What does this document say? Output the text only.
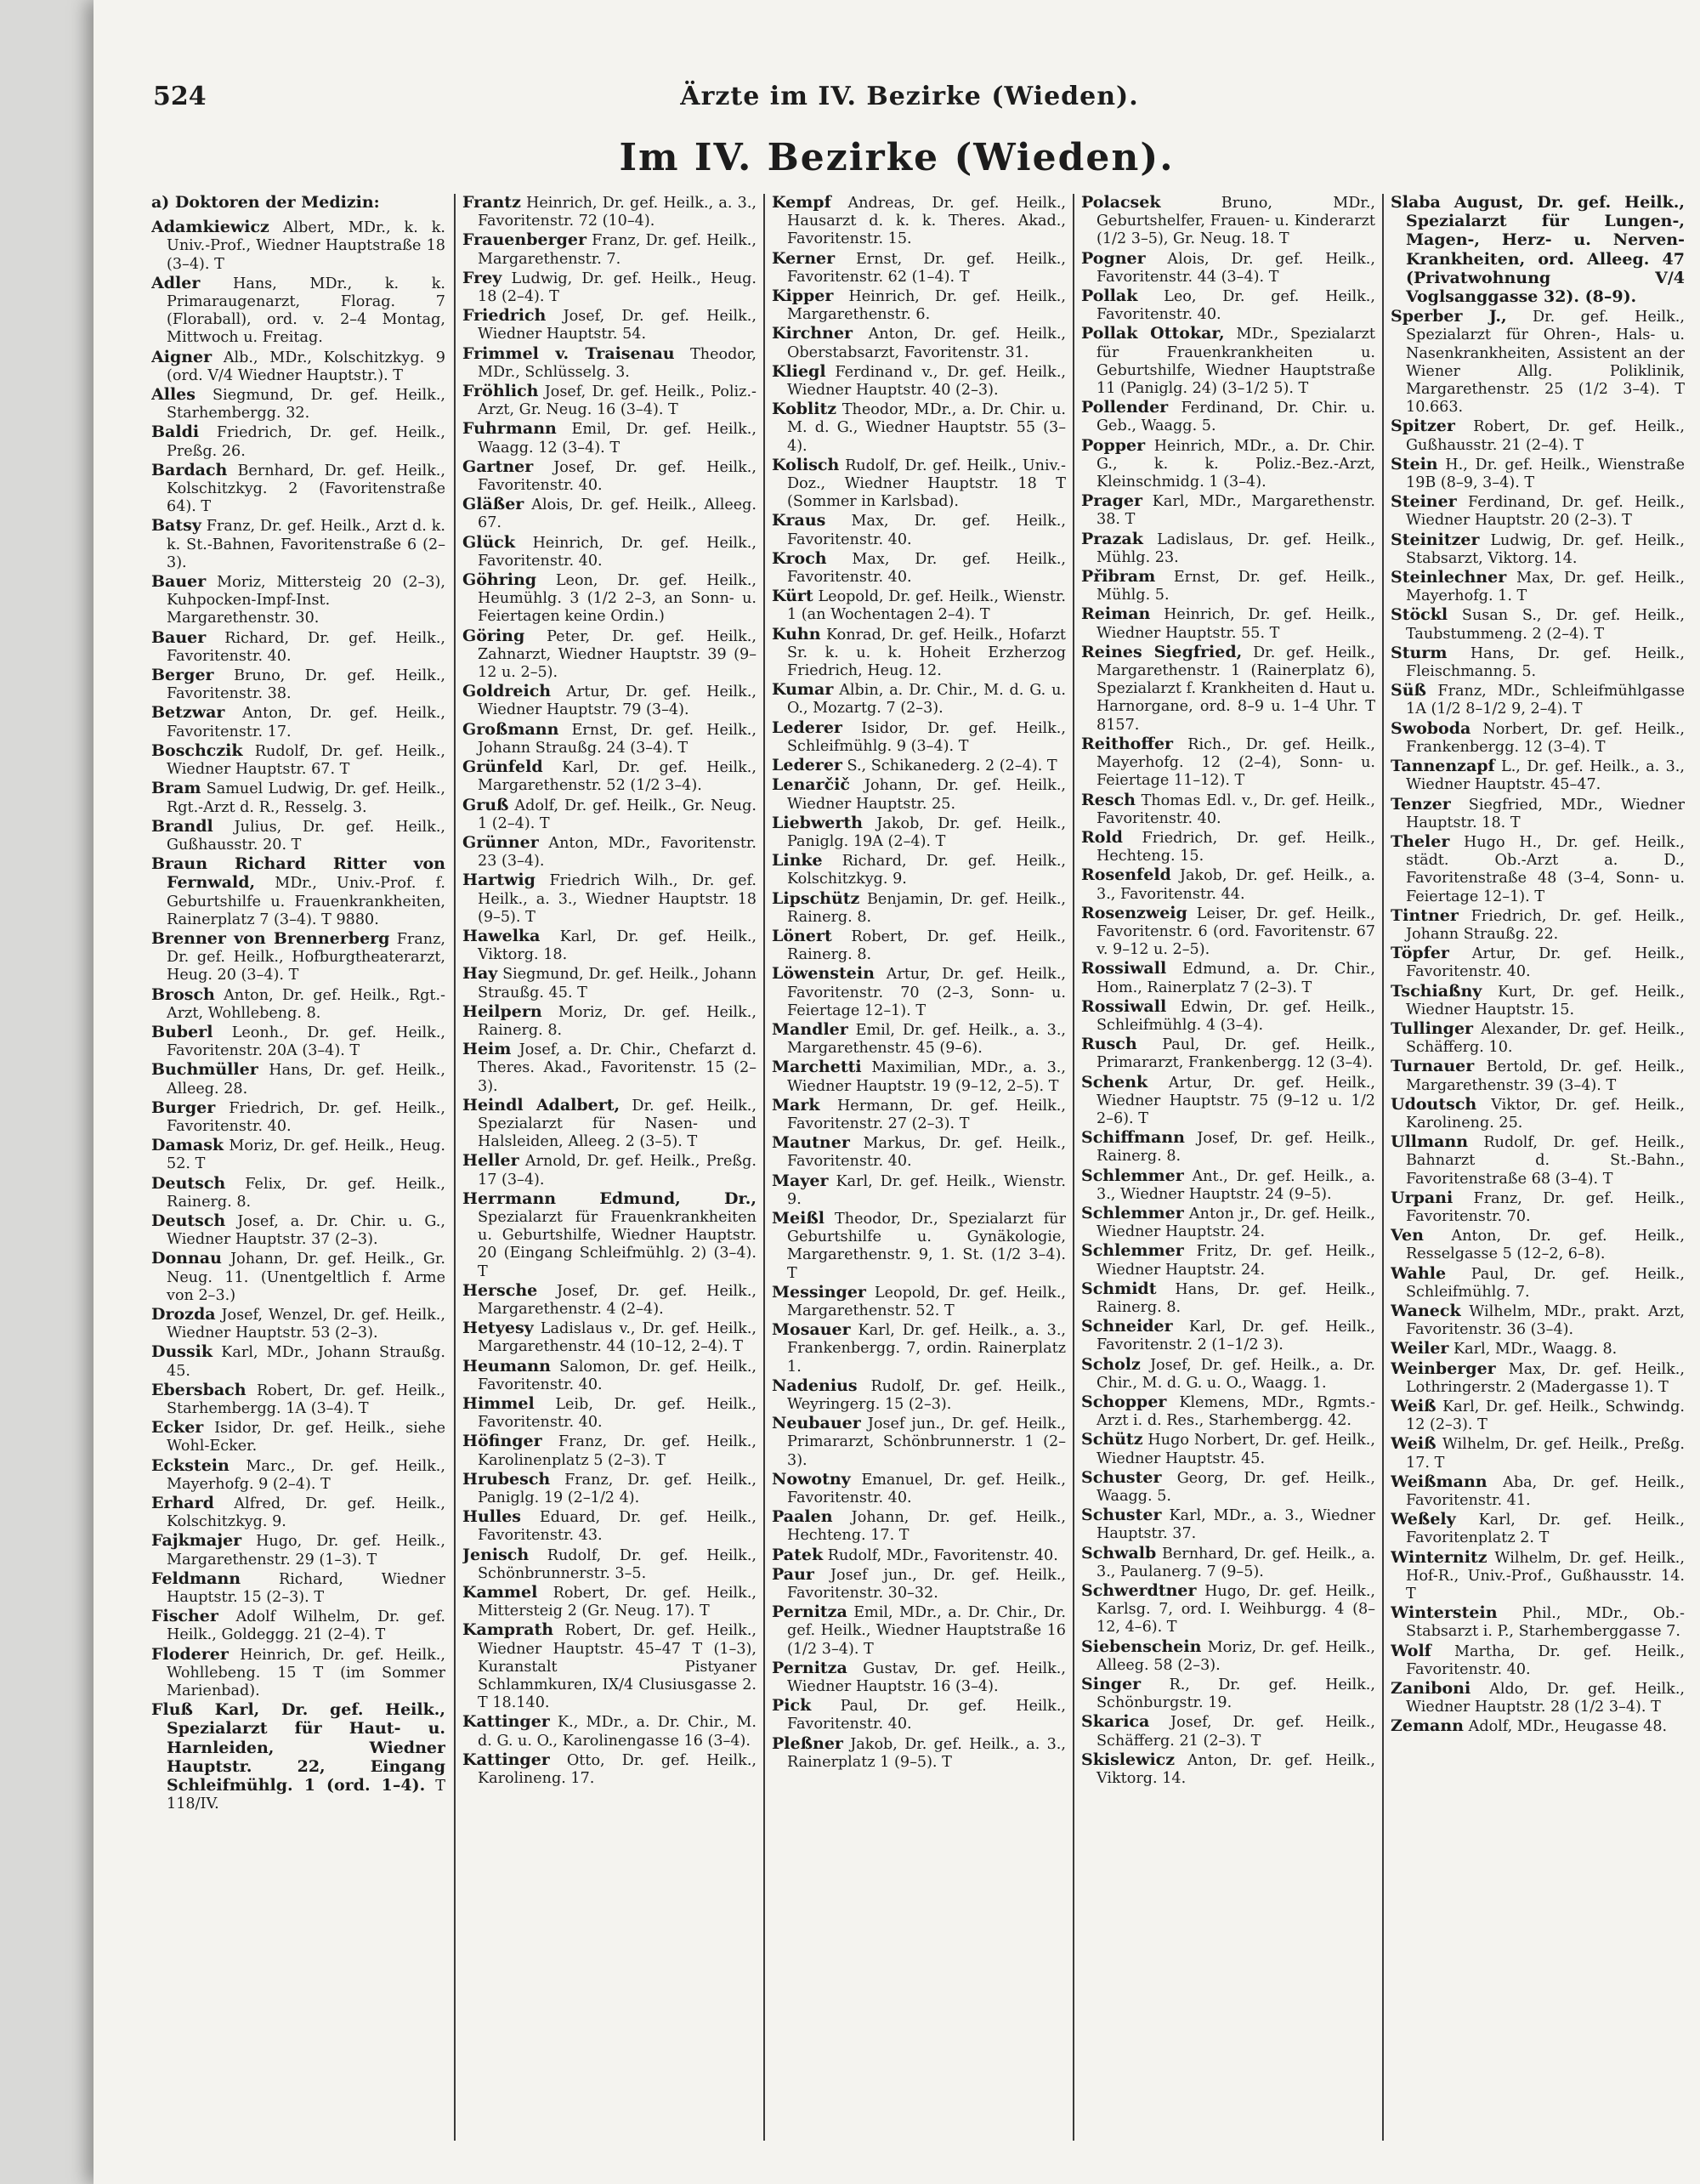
524	Ärzte im IV. Bezirke (Wieden).
Im IV. Bezirke (Wieden).
a) Doktoren der Medizin:
Adamkiewicz Albert, MDr., k. k. Univ.-Prof., Wiedner Hauptstraße 18 (3–4). T
Adler Hans, MDr., k. k. Primaraugenarzt, Florag. 7 (Floraball), ord. v. 2–4 Montag, Mittwoch u. Freitag.
Aigner Alb., MDr., Kolschitzkyg. 9 (ord. V/4 Wiedner Hauptstr.). T
Alles Siegmund, Dr. gef. Heilk., Starhembergg. 32.
Baldi Friedrich, Dr. gef. Heilk., Preßg. 26.
Bardach Bernhard, Dr. gef. Heilk., Kolschitzkyg. 2 (Favoritenstraße 64). T
Batsy Franz, Dr. gef. Heilk., Arzt d. k. k. St.-Bahnen, Favoritenstraße 6 (2–3).
Bauer Moriz, Mittersteig 20 (2–3), Kuhpocken-Impf-Inst. Margarethenstr. 30.
Bauer Richard, Dr. gef. Heilk., Favoritenstr. 40.
Berger Bruno, Dr. gef. Heilk., Favoritenstr. 38.
Betzwar Anton, Dr. gef. Heilk., Favoritenstr. 17.
Boschczik Rudolf, Dr. gef. Heilk., Wiedner Hauptstr. 67. T
Bram Samuel Ludwig, Dr. gef. Heilk., Rgt.-Arzt d. R., Resselg. 3.
Brandl Julius, Dr. gef. Heilk., Gußhausstr. 20. T
Braun Richard Ritter von Fernwald, MDr., Univ.-Prof. f. Geburtshilfe u. Frauenkrankheiten, Rainerplatz 7 (3–4). T 9880.
Brenner von Brennerberg Franz, Dr. gef. Heilk., Hofburgtheaterarzt, Heug. 20 (3–4). T
Brosch Anton, Dr. gef. Heilk., Rgt.-Arzt, Wohllebeng. 8.
Buberl Leonh., Dr. gef. Heilk., Favoritenstr. 20A (3–4). T
Buchmüller Hans, Dr. gef. Heilk., Alleeg. 28.
Burger Friedrich, Dr. gef. Heilk., Favoritenstr. 40.
Damask Moriz, Dr. gef. Heilk., Heug. 52. T
Deutsch Felix, Dr. gef. Heilk., Rainerg. 8.
Deutsch Josef, a. Dr. Chir. u. G., Wiedner Hauptstr. 37 (2–3).
Donnau Johann, Dr. gef. Heilk., Gr. Neug. 11. (Unentgeltlich f. Arme von 2–3.)
Drozda Josef, Wenzel, Dr. gef. Heilk., Wiedner Hauptstr. 53 (2–3).
Dussik Karl, MDr., Johann Straußg. 45.
Ebersbach Robert, Dr. gef. Heilk., Starhembergg. 1A (3–4). T
Ecker Isidor, Dr. gef. Heilk., siehe Wohl-Ecker.
Eckstein Marc., Dr. gef. Heilk., Mayerhofg. 9 (2–4). T
Erhard Alfred, Dr. gef. Heilk., Kolschitzkyg. 9.
Fajkmajer Hugo, Dr. gef. Heilk., Margarethenstr. 29 (1–3). T
Feldmann	Richard, Wiedner Hauptstr. 15 (2–3). T
Fischer Adolf Wilhelm, Dr. gef. Heilk., Goldeggg. 21 (2–4). T
Floderer Heinrich, Dr. gef. Heilk., Wohllebeng. 15 T (im Sommer Marienbad).
Fluß Karl, Dr. gef. Heilk., Spezialarzt für Haut- u. Harnleiden, Wiedner Hauptstr. 22, Eingang Schleifmühlg. 1 (ord. 1–4). T 118/IV.
Frantz Heinrich, Dr. gef. Heilk., a. 3., Favoritenstr. 72 (10–4).
Frauenberger Franz, Dr. gef. Heilk., Margarethenstr. 7.
Frey Ludwig, Dr. gef. Heilk., Heug. 18 (2–4). T
Friedrich Josef, Dr. gef. Heilk., Wiedner Hauptstr. 54.
Frimmel v. Traisenau Theodor, MDr., Schlüsselg. 3.
Fröhlich Josef, Dr. gef. Heilk., Poliz.-Arzt, Gr. Neug. 16 (3–4). T
Fuhrmann Emil, Dr. gef. Heilk., Waagg. 12 (3–4). T
Gartner Josef, Dr. gef. Heilk., Favoritenstr. 40.
Gläßer Alois, Dr. gef. Heilk., Alleeg. 67.
Glück Heinrich, Dr. gef. Heilk., Favoritenstr. 40.
Göhring Leon, Dr. gef. Heilk., Heumühlg. 3 (1/2 2–3, an Sonn- u. Feiertagen keine Ordin.)
Göring Peter, Dr. gef. Heilk., Zahnarzt, Wiedner Hauptstr. 39 (9–12 u. 2–5).
Goldreich Artur, Dr. gef. Heilk., Wiedner Hauptstr. 79 (3–4).
Großmann Ernst, Dr. gef. Heilk., Johann Straußg. 24 (3–4). T
Grünfeld Karl, Dr. gef. Heilk., Margarethenstr. 52 (1/2 3–4).
Gruß Adolf, Dr. gef. Heilk., Gr. Neug. 1 (2–4). T
Grünner Anton, MDr., Favoritenstr. 23 (3–4).
Hartwig Friedrich Wilh., Dr. gef. Heilk., a. 3., Wiedner Hauptstr. 18 (9–5). T
Hawelka Karl, Dr. gef. Heilk., Viktorg. 18.
Hay Siegmund, Dr. gef. Heilk., Johann Straußg. 45. T
Heilpern Moriz, Dr. gef. Heilk., Rainerg. 8.
Heim Josef, a. Dr. Chir., Chefarzt d. Theres. Akad., Favoritenstr. 15 (2–3).
Heindl Adalbert, Dr. gef. Heilk., Spezialarzt für Nasen- und Halsleiden, Alleeg. 2 (3–5). T
Heller Arnold, Dr. gef. Heilk., Preßg. 17 (3–4).
Herrmann Edmund, Dr., Spezialarzt für Frauenkrankheiten u. Geburtshilfe, Wiedner Hauptstr. 20 (Eingang Schleifmühlg. 2) (3–4). T
Hersche Josef, Dr. gef. Heilk., Margarethenstr. 4 (2–4).
Hetyesy Ladislaus v., Dr. gef. Heilk., Margarethenstr. 44 (10–12, 2–4). T
Heumann Salomon, Dr. gef. Heilk., Favoritenstr. 40.
Himmel Leib, Dr. gef. Heilk., Favoritenstr. 40.
Höfinger Franz, Dr. gef. Heilk., Karolinenplatz 5 (2–3). T
Hrubesch Franz, Dr. gef. Heilk., Paniglg. 19 (2–1/2 4).
Hulles Eduard, Dr. gef. Heilk., Favoritenstr. 43.
Jenisch Rudolf, Dr. gef. Heilk., Schönbrunnerstr. 3–5.
Kammel Robert, Dr. gef. Heilk., Mittersteig 2 (Gr. Neug. 17). T
Kamprath Robert, Dr. gef. Heilk., Wiedner Hauptstr. 45–47 T (1–3), Kuranstalt Pistyaner Schlammkuren, IX/4 Clusiusgasse 2. T 18.140.
Kattinger K., MDr., a. Dr. Chir., M. d. G. u. O., Karolinengasse 16 (3–4).
Kattinger Otto, Dr. gef. Heilk., Karolineng. 17.
Kempf Andreas, Dr. gef. Heilk., Hausarzt d. k. k. Theres. Akad., Favoritenstr. 15.
Kerner Ernst, Dr. gef. Heilk., Favoritenstr. 62 (1–4). T
Kipper Heinrich, Dr. gef. Heilk., Margarethenstr. 6.
Kirchner Anton, Dr. gef. Heilk., Oberstabsarzt, Favoritenstr. 31.
Kliegl Ferdinand v., Dr. gef. Heilk., Wiedner Hauptstr. 40 (2–3).
Koblitz Theodor, MDr., a. Dr. Chir. u. M. d. G., Wiedner Hauptstr. 55 (3–4).
Kolisch Rudolf, Dr. gef. Heilk., Univ.-Doz., Wiedner Hauptstr. 18 T (Sommer in Karlsbad).
Kraus Max, Dr. gef. Heilk., Favoritenstr. 40.
Kroch Max, Dr. gef. Heilk., Favoritenstr. 40.
Kürt Leopold, Dr. gef. Heilk., Wienstr. 1 (an Wochentagen 2–4). T
Kuhn Konrad, Dr. gef. Heilk., Hofarzt Sr. k. u. k. Hoheit Erzherzog Friedrich, Heug. 12.
Kumar Albin, a. Dr. Chir., M. d. G. u. O., Mozartg. 7 (2–3).
Lederer Isidor, Dr. gef. Heilk., Schleifmühlg. 9 (3–4). T
Lederer S., Schikanederg. 2 (2–4). T
Lenarčič Johann, Dr. gef. Heilk., Wiedner Hauptstr. 25.
Liebwerth Jakob, Dr. gef. Heilk., Paniglg. 19A (2–4). T
Linke Richard, Dr. gef. Heilk., Kolschitzkyg. 9.
Lipschütz Benjamin, Dr. gef. Heilk., Rainerg. 8.
Lönert Robert, Dr. gef. Heilk., Rainerg. 8.
Löwenstein Artur, Dr. gef. Heilk., Favoritenstr. 70 (2–3, Sonn- u. Feiertage 12–1). T
Mandler Emil, Dr. gef. Heilk., a. 3., Margarethenstr. 45 (9–6).
Marchetti Maximilian, MDr., a. 3., Wiedner Hauptstr. 19 (9–12, 2–5). T
Mark Hermann, Dr. gef. Heilk., Favoritenstr. 27 (2–3). T
Mautner Markus, Dr. gef. Heilk., Favoritenstr. 40.
Mayer Karl, Dr. gef. Heilk., Wienstr. 9.
Meißl Theodor, Dr., Spezialarzt für Geburtshilfe u. Gynäkologie, Margarethenstr. 9, 1. St. (1/2 3–4). T
Messinger Leopold, Dr. gef. Heilk., Margarethenstr. 52. T
Mosauer Karl, Dr. gef. Heilk., a. 3., Frankenbergg. 7, ordin. Rainerplatz 1.
Nadenius Rudolf, Dr. gef. Heilk., Weyringerg. 15 (2–3).
Neubauer Josef jun., Dr. gef. Heilk., Primararzt, Schönbrunnerstr. 1 (2–3).
Nowotny Emanuel, Dr. gef. Heilk., Favoritenstr. 40.
Paalen Johann, Dr. gef. Heilk., Hechteng. 17. T
Patek Rudolf, MDr., Favoritenstr. 40.
Paur Josef jun., Dr. gef. Heilk., Favoritenstr. 30–32.
Pernitza Emil, MDr., a. Dr. Chir., Dr. gef. Heilk., Wiedner Hauptstraße 16 (1/2 3–4). T
Pernitza Gustav, Dr. gef. Heilk., Wiedner Hauptstr. 16 (3–4).
Pick Paul, Dr. gef. Heilk., Favoritenstr. 40.
Pleßner Jakob, Dr. gef. Heilk., a. 3., Rainerplatz 1 (9–5). T
Polacsek	Bruno, MDr., Geburtshelfer, Frauen- u. Kinderarzt (1/2 3–5), Gr. Neug. 18. T
Pogner Alois, Dr. gef. Heilk., Favoritenstr. 44 (3–4). T
Pollak Leo, Dr. gef. Heilk., Favoritenstr. 40.
Pollak Ottokar, MDr., Spezialarzt für Frauenkrankheiten u. Geburtshilfe, Wiedner Hauptstraße 11 (Paniglg. 24) (3–1/2 5). T
Pollender Ferdinand, Dr. Chir. u. Geb., Waagg. 5.
Popper Heinrich, MDr., a. Dr. Chir. G., k. k. Poliz.-Bez.-Arzt, Kleinschmidg. 1 (3–4).
Prager Karl, MDr., Margarethenstr. 38. T
Prazak Ladislaus, Dr. gef. Heilk., Mühlg. 23.
Přibram Ernst, Dr. gef. Heilk., Mühlg. 5.
Reiman Heinrich, Dr. gef. Heilk., Wiedner Hauptstr. 55. T
Reines Siegfried, Dr. gef. Heilk., Margarethenstr. 1 (Rainerplatz 6), Spezialarzt f. Krankheiten d. Haut u. Harnorgane, ord. 8–9 u. 1–4 Uhr. T 8157.
Reithoffer Rich., Dr. gef. Heilk., Mayerhofg. 12 (2–4), Sonn- u. Feiertage 11–12). T
Resch Thomas Edl. v., Dr. gef. Heilk., Favoritenstr. 40.
Rold Friedrich, Dr. gef. Heilk., Hechteng. 15.
Rosenfeld Jakob, Dr. gef. Heilk., a. 3., Favoritenstr. 44.
Rosenzweig Leiser, Dr. gef. Heilk., Favoritenstr. 6 (ord. Favoritenstr. 67 v. 9–12 u. 2–5).
Rossiwall Edmund, a. Dr. Chir., Hom., Rainerplatz 7 (2–3). T
Rossiwall Edwin, Dr. gef. Heilk., Schleifmühlg. 4 (3–4).
Rusch Paul, Dr. gef. Heilk., Primararzt, Frankenbergg. 12 (3–4).
Schenk Artur, Dr. gef. Heilk., Wiedner Hauptstr. 75 (9–12 u. 1/2 2–6). T
Schiffmann Josef, Dr. gef. Heilk., Rainerg. 8.
Schlemmer Ant., Dr. gef. Heilk., a. 3., Wiedner Hauptstr. 24 (9–5).
Schlemmer Anton jr., Dr. gef. Heilk., Wiedner Hauptstr. 24.
Schlemmer Fritz, Dr. gef. Heilk., Wiedner Hauptstr. 24.
Schmidt Hans, Dr. gef. Heilk., Rainerg. 8.
Schneider Karl, Dr. gef. Heilk., Favoritenstr. 2 (1–1/2 3).
Scholz Josef, Dr. gef. Heilk., a. Dr. Chir., M. d. G. u. O., Waagg. 1.
Schopper Klemens, MDr., Rgmts.-Arzt i. d. Res., Starhembergg. 42.
Schütz Hugo Norbert, Dr. gef. Heilk., Wiedner Hauptstr. 45.
Schuster Georg, Dr. gef. Heilk., Waagg. 5.
Schuster Karl, MDr., a. 3., Wiedner Hauptstr. 37.
Schwalb Bernhard, Dr. gef. Heilk., a. 3., Paulanerg. 7 (9–5).
Schwerdtner Hugo, Dr. gef. Heilk., Karlsg. 7, ord. I. Weihburgg. 4 (8–12, 4–6). T
Siebenschein Moriz, Dr. gef. Heilk., Alleeg. 58 (2–3).
Singer R., Dr. gef. Heilk., Schönburgstr. 19.
Skarica Josef, Dr. gef. Heilk., Schäfferg. 21 (2–3). T
Skislewicz Anton, Dr. gef. Heilk., Viktorg. 14.
Slaba August, Dr. gef. Heilk., Spezialarzt für Lungen-, Magen-, Herz- u. Nerven-Krankheiten, ord. Alleeg. 47 (Privatwohnung V/4 Voglsanggasse 32). (8–9).
Sperber J., Dr. gef. Heilk., Spezialarzt für Ohren-, Hals- u. Nasenkrankheiten, Assistent an der Wiener Allg. Poliklinik, Margarethenstr. 25 (1/2 3–4). T 10.663.
Spitzer Robert, Dr. gef. Heilk., Gußhausstr. 21 (2–4). T
Stein H., Dr. gef. Heilk., Wienstraße 19B (8–9, 3–4). T
Steiner Ferdinand, Dr. gef. Heilk., Wiedner Hauptstr. 20 (2–3). T
Steinitzer Ludwig, Dr. gef. Heilk., Stabsarzt, Viktorg. 14.
Steinlechner Max, Dr. gef. Heilk., Mayerhofg. 1. T
Stöckl Susan S., Dr. gef. Heilk., Taubstummeng. 2 (2–4). T
Sturm Hans, Dr. gef. Heilk., Fleischmanng. 5.
Süß Franz, MDr., Schleifmühlgasse 1A (1/2 8–1/2 9, 2–4). T
Swoboda Norbert, Dr. gef. Heilk., Frankenbergg. 12 (3–4). T
Tannenzapf L., Dr. gef. Heilk., a. 3., Wiedner Hauptstr. 45–47.
Tenzer Siegfried, MDr., Wiedner Hauptstr. 18. T
Theler Hugo H., Dr. gef. Heilk., städt. Ob.-Arzt a. D., Favoritenstraße 48 (3–4, Sonn- u. Feiertage 12–1). T
Tintner Friedrich, Dr. gef. Heilk., Johann Straußg. 22.
Töpfer Artur, Dr. gef. Heilk., Favoritenstr. 40.
Tschiaßny Kurt, Dr. gef. Heilk., Wiedner Hauptstr. 15.
Tullinger Alexander, Dr. gef. Heilk., Schäfferg. 10.
Turnauer Bertold, Dr. gef. Heilk., Margarethenstr. 39 (3–4). T
Udoutsch Viktor, Dr. gef. Heilk., Karolineng. 25.
Ullmann Rudolf, Dr. gef. Heilk., Bahnarzt d. St.-Bahn., Favoritenstraße 68 (3–4). T
Urpani Franz, Dr. gef. Heilk., Favoritenstr. 70.
Ven Anton, Dr. gef. Heilk., Resselgasse 5 (12–2, 6–8).
Wahle Paul, Dr. gef. Heilk., Schleifmühlg. 7.
Waneck Wilhelm, MDr., prakt. Arzt, Favoritenstr. 36 (3–4).
Weiler Karl, MDr., Waagg. 8.
Weinberger Max, Dr. gef. Heilk., Lothringerstr. 2 (Madergasse 1). T
Weiß Karl, Dr. gef. Heilk., Schwindg. 12 (2–3). T
Weiß Wilhelm, Dr. gef. Heilk., Preßg. 17. T
Weißmann Aba, Dr. gef. Heilk., Favoritenstr. 41.
Weßely Karl, Dr. gef. Heilk., Favoritenplatz 2. T
Winternitz Wilhelm, Dr. gef. Heilk., Hof-R., Univ.-Prof., Gußhausstr. 14. T
Winterstein Phil., MDr., Ob.-Stabsarzt i. P., Starhemberggasse 7.
Wolf Martha, Dr. gef. Heilk., Favoritenstr. 40.
Zaniboni Aldo, Dr. gef. Heilk., Wiedner Hauptstr. 28 (1/2 3–4). T
Zemann Adolf, MDr., Heugasse 48.
